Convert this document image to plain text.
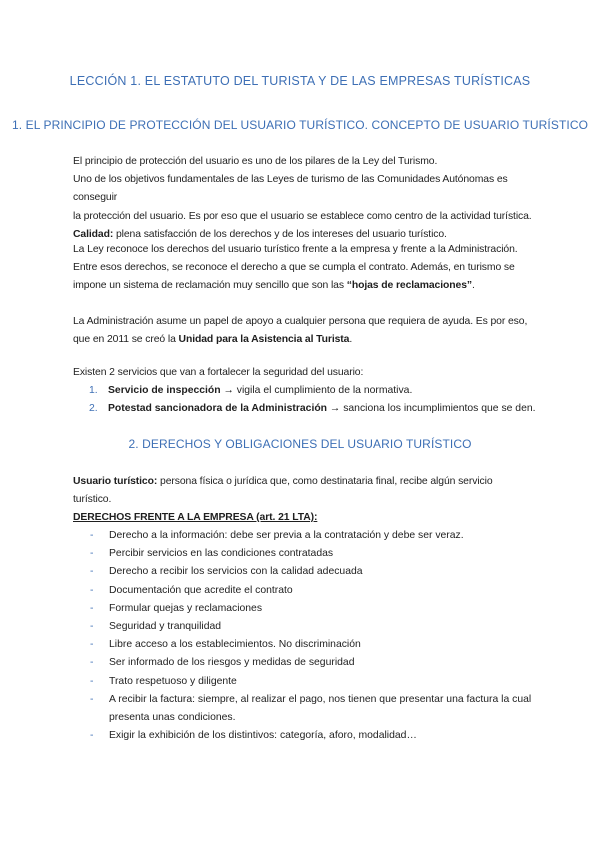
LECCIÓN 1. EL ESTATUTO DEL TURISTA Y DE LAS EMPRESAS TURÍSTICAS
1. EL PRINCIPIO DE PROTECCIÓN DEL USUARIO TURÍSTICO. CONCEPTO DE USUARIO TURÍSTICO

El principio de protección del usuario es uno de los pilares de la Ley del Turismo.

Uno de los objetivos fundamentales de las Leyes de turismo de las Comunidades Autónomas es conseguir

la protección del usuario. Es por eso que el usuario se establece como centro de la actividad turística.

Calidad: plena satisfacción de los derechos y de los intereses del usuario turístico.

La Ley reconoce los derechos del usuario turístico frente a la empresa y frente a la Administración. Entre esos derechos, se reconoce el derecho a que se cumpla el contrato. Además, en turismo se impone un sistema de reclamación muy sencillo que son las “hojas de reclamaciones”.

La Administración asume un papel de apoyo a cualquier persona que requiera de ayuda. Es por eso, que en 2011 se creó la Unidad para la Asistencia al Turista.

Existen 2 servicios que van a fortalecer la seguridad del usuario:
1. Servicio de inspección → vigila el cumplimiento de la normativa.
2. Potestad sancionadora de la Administración → sanciona los incumplimientos que se den.
2. DERECHOS Y OBLIGACIONES DEL USUARIO TURÍSTICO

Usuario turístico: persona física o jurídica que, como destinataria final, recibe algún servicio turístico.

DERECHOS FRENTE A LA EMPRESA (art. 21 LTA):
- Derecho a la información: debe ser previa a la contratación y debe ser veraz.
- Percibir servicios en las condiciones contratadas
- Derecho a recibir los servicios con la calidad adecuada
- Documentación que acredite el contrato
- Formular quejas y reclamaciones
- Seguridad y tranquilidad
- Libre acceso a los establecimientos. No discriminación
- Ser informado de los riesgos y medidas de seguridad
- Trato respetuoso y diligente
- A recibir la factura: siempre, al realizar el pago, nos tienen que presentar una factura la cual presenta unas condiciones.
- Exigir la exhibición de los distintivos: categoría, aforo, modalidad…
